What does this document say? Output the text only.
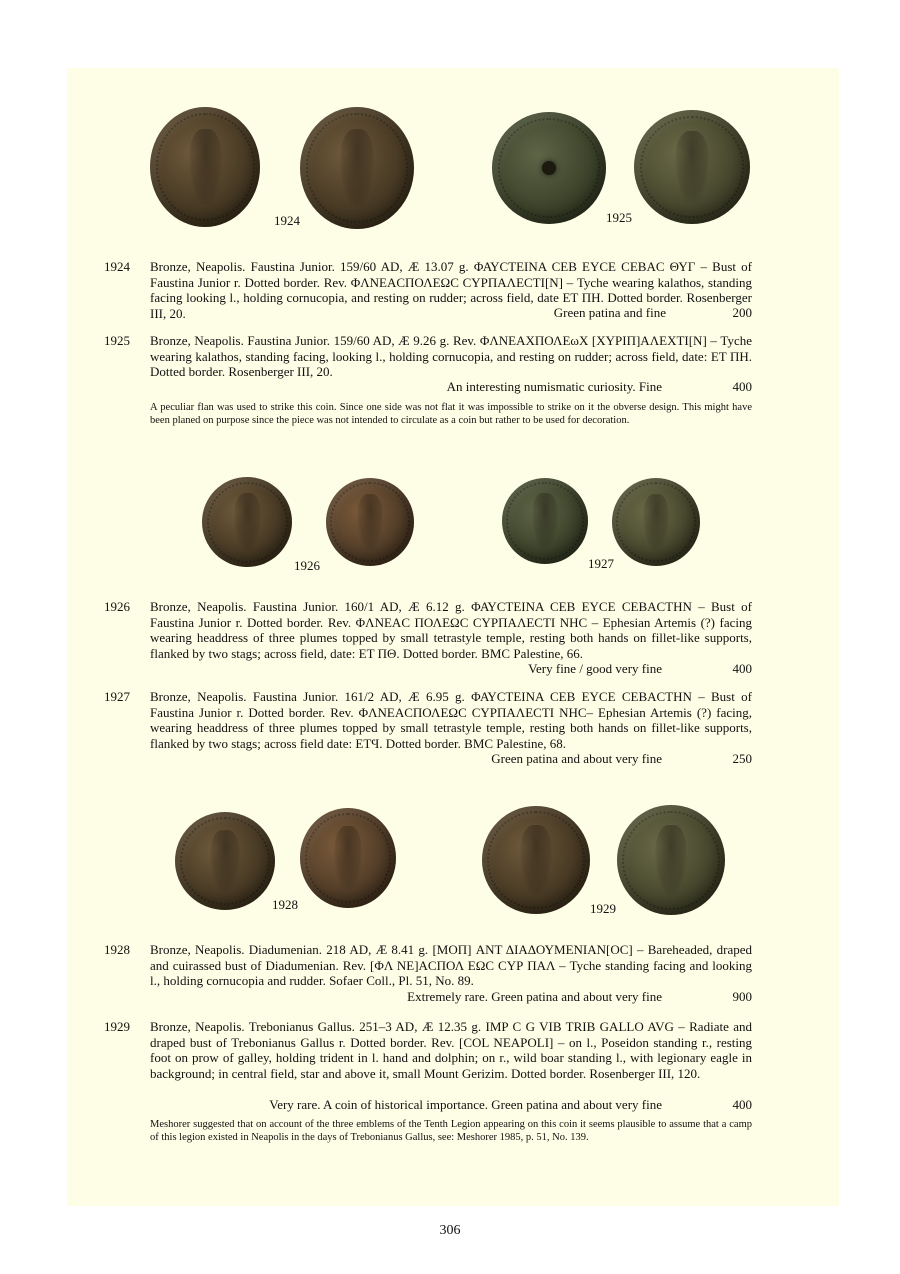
1924	1925
1924 Bronze, Neapolis. Faustina Junior. 159/60 AD, Æ 13.07 g. ΦΑΥCΤΕΙΝΑ CΕΒ ΕΥCΕ CΕΒΑC ΘΥΓ – Bust of Faustina Junior r. Dotted border. Rev. ΦΛΝΕΑCΠΟΛΕΩC CΥΡΠΑΛΕCΤΙ[N] – Tyche wearing kalathos, standing facing looking l., holding cornucopia, and resting on rudder; across field, date ΕΤ ΠΗ. Dotted border. Rosenberger III, 20.	Green patina and fine	200
1925 Bronze, Neapolis. Faustina Junior. 159/60 AD, Æ 9.26 g. Rev. ΦΛΝΕΑΧΠΟΛΕωΧ [ΧΥΡΙΠ]ΑΛΕΧΤΙ[N] – Tyche wearing kalathos, standing facing, looking l., holding cornucopia, and resting on rudder; across field, date: ΕΤ ΠΗ. Dotted border. Rosenberger III, 20.

An interesting numismatic curiosity. Fine	400
A peculiar flan was used to strike this coin. Since one side was not flat it was impossible to strike on it the obverse design. This might have been planed on purpose since the piece was not intended to circulate as a coin but rather to be used for decoration.
1926	1927
1926 Bronze, Neapolis. Faustina Junior. 160/1 AD, Æ 6.12 g. ΦΑΥCΤΕΙΝΑ CΕΒ ΕΥCΕ CΕΒΑCΤΗΝ – Bust of Faustina Junior r. Dotted border. Rev. ΦΛΝΕΑC ΠΟΛΕΩC CΥΡΠΑΛΕCΤΙ NHC – Ephesian Artemis (?) facing wearing headdress of three plumes topped by small tetrastyle temple, resting both hands on fillet-like supports, flanked by two stags; across field, date: ΕΤ ΠΘ. Dotted border. BMC Palestine, 66.

Very fine / good very fine	400
1927 Bronze, Neapolis. Faustina Junior. 161/2 AD, Æ 6.95 g. ΦΑΥCΤΕΙΝΑ CΕΒ ΕΥCΕ CΕΒΑCΤΗΝ – Bust of Faustina Junior r. Dotted border. Rev. ΦΛΝΕΑCΠΟΛΕΩC CΥΡΠΑΛΕCΤΙ NHC– Ephesian Artemis (?) facing, wearing headdress of three plumes topped by small tetrastyle temple, resting both hands on fillet-like supports, flanked by two stags; across field date: ΕΤϤ. Dotted border. BMC Palestine, 68.

Green patina and about very fine	250
1928	1929
1928 Bronze, Neapolis. Diadumenian. 218 AD, Æ 8.41 g. [ΜΟΠ] ΑΝΤ ΔΙΑΔΟΥΜΕΝΙΑΝ[ΟC] – Bareheaded, draped and cuirassed bust of Diadumenian. Rev. [ΦΛ ΝΕ]ΑCΠΟΛ ΕΩC CΥΡ ΠΑΛ – Tyche standing facing and looking l., holding cornucopia and rudder. Sofaer Coll., Pl. 51, No. 89.

Extremely rare. Green patina and about very fine	900
1929 Bronze, Neapolis. Trebonianus Gallus. 251–3 AD, Æ 12.35 g. IMP C G VIB TRIB GALLO AVG – Radiate and draped bust of Trebonianus Gallus r. Dotted border. Rev. [COL NEAPOLI] – on l., Poseidon standing r., resting foot on prow of galley, holding trident in l. hand and dolphin; on r., wild boar standing l., with legionary eagle in background; in central field, star and above it, small Mount Gerizim. Dotted border. Rosenberger III, 120.

Very rare. A coin of historical importance. Green patina and about very fine	400
Meshorer suggested that on account of the three emblems of the Tenth Legion appearing on this coin it seems plausible to assume that a camp of this legion existed in Neapolis in the days of Trebonianus Gallus, see: Meshorer 1985, p. 51, No. 139.
306
